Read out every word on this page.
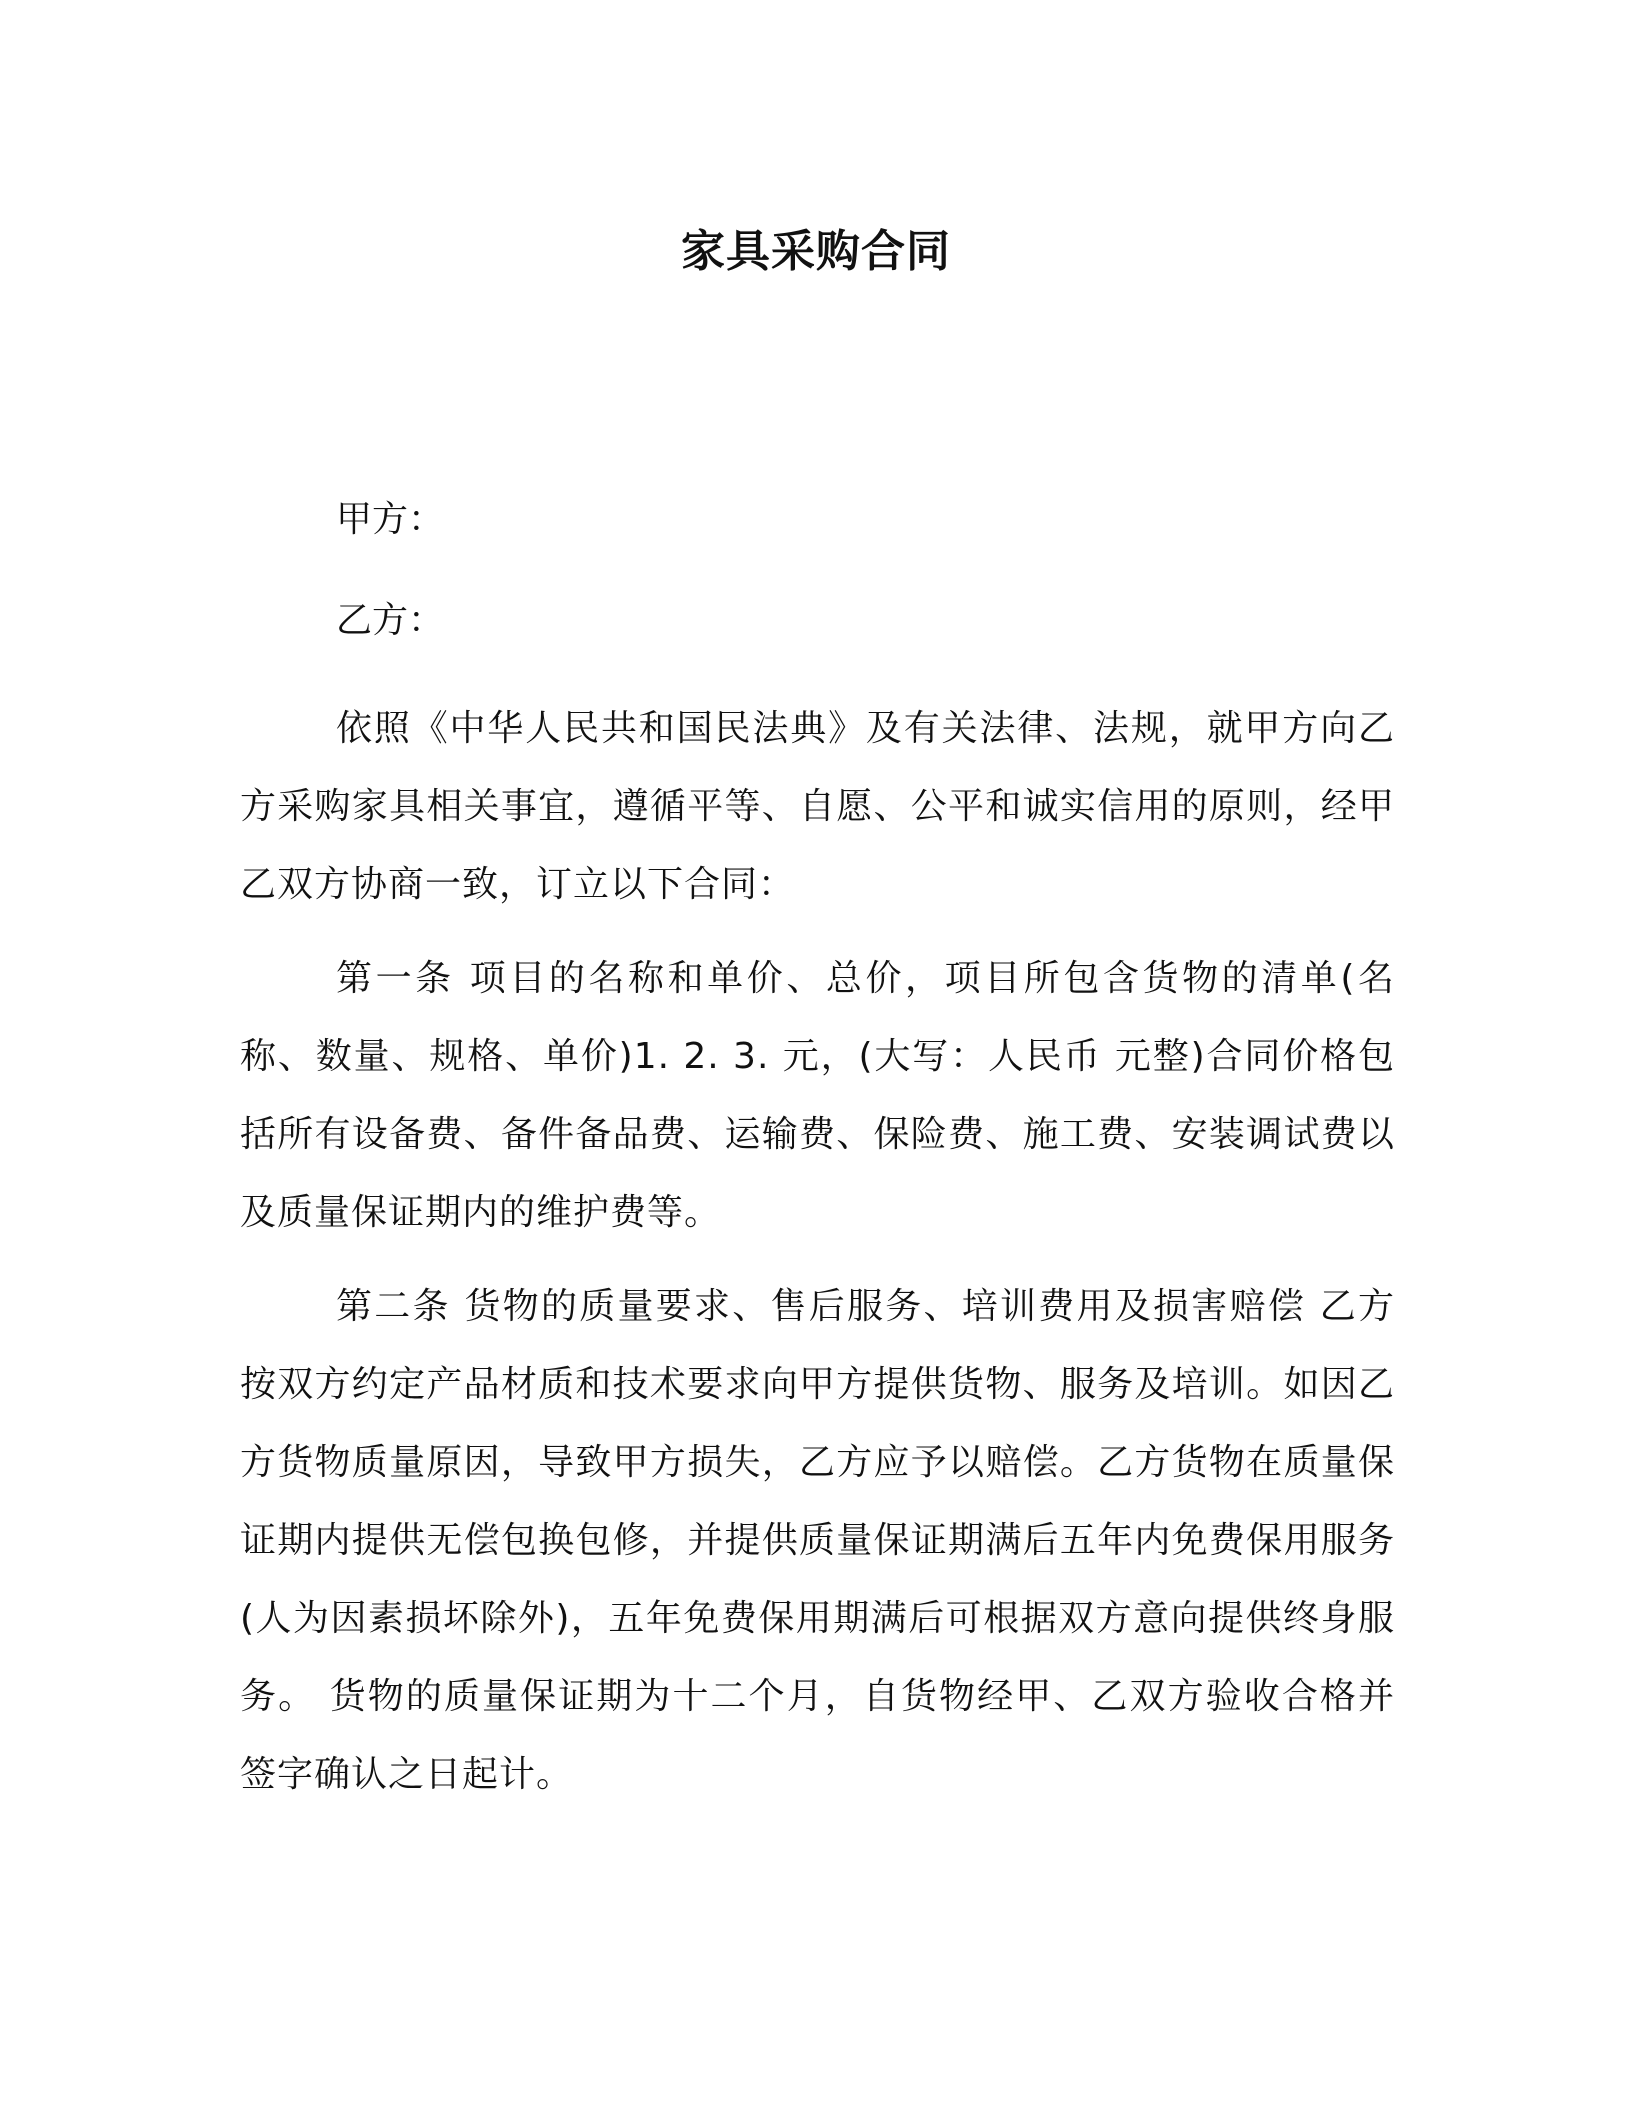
家具采购合同

甲方：

乙方：

依照《中华人民共和国民法典》及有关法律、法规，就甲方向乙方采购家具相关事宜，遵循平等、自愿、公平和诚实信用的原则，经甲乙双方协商一致，订立以下合同：

第一条 项目的名称和单价、总价，项目所包含货物的清单(名称、数量、规格、单价)1. 2. 3. 元，(大写：人民币 元整)合同价格包括所有设备费、备件备品费、运输费、保险费、施工费、安装调试费以及质量保证期内的维护费等。

第二条 货物的质量要求、售后服务、培训费用及损害赔偿 乙方按双方约定产品材质和技术要求向甲方提供货物、服务及培训。如因乙方货物质量原因，导致甲方损失，乙方应予以赔偿。乙方货物在质量保证期内提供无偿包换包修，并提供质量保证期满后五年内免费保用服务(人为因素损坏除外)，五年免费保用期满后可根据双方意向提供终身服务。 货物的质量保证期为十二个月，自货物经甲、乙双方验收合格并签字确认之日起计。
